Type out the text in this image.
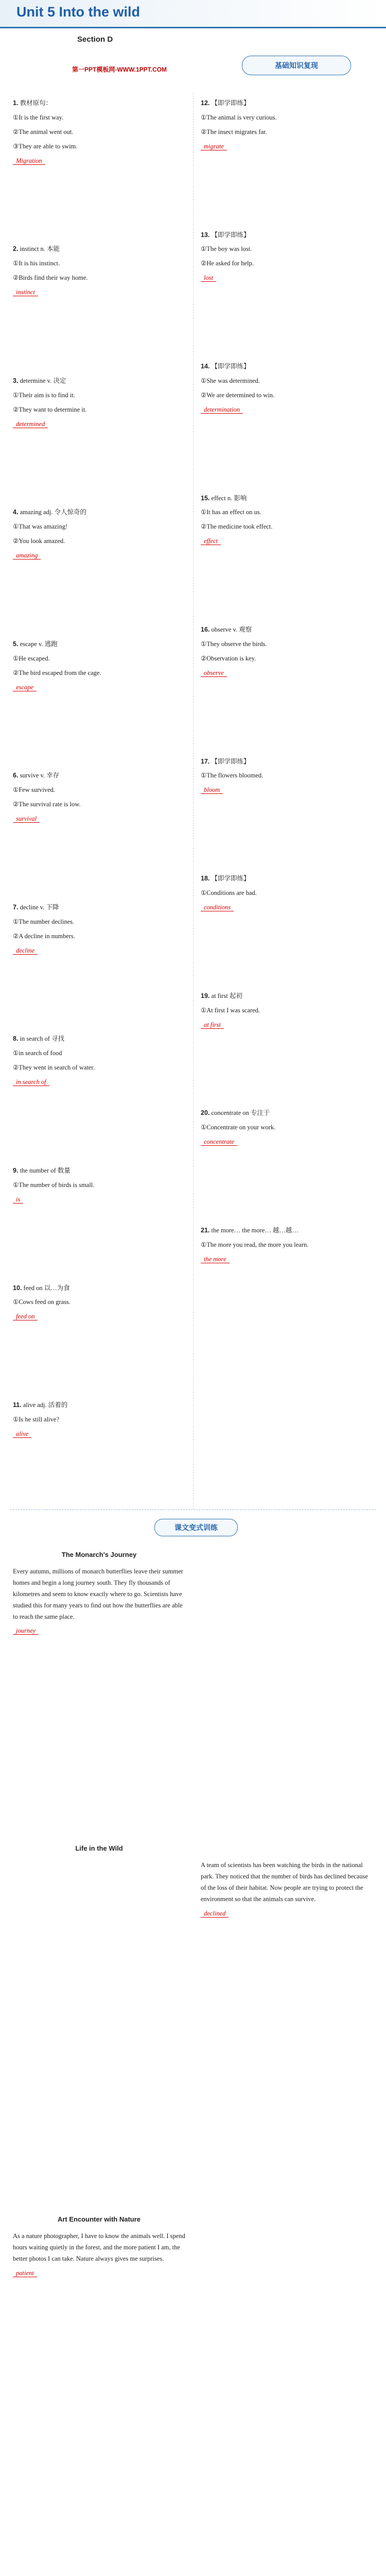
Unit 5 Into the wild
Section D
第一PPT模板网-WWW.1PPT.COM	基础知识复现

1. 教材原句：

①It is the first way.

②The animal went out.

③They are able to swim.

Migration

2. instinct n. 本能

①It is his instinct.

②Birds find their way home.

instinct

3. determine v. 决定

①Their aim is to find it.

②They want to determine it.

determined

4. amazing adj. 令人惊奇的

①That was amazing!

②You look amazed.

amazing

5. escape v. 逃跑

①He escaped.

②The bird escaped from the cage.

escape

6. survive v. 幸存

①Few survived.

②The survival rate is low.

survival

7. decline v. 下降

①The number declines.

②A decline in numbers.

decline

8. in search of 寻找

①in search of food

②They went in search of water.

in search of

9. the number of 数量

①The number of birds is small.

is

10. feed on 以…为食

①Cows feed on grass.

feed on

11. alive adj. 活着的

①Is he still alive?

alive

12. 【即学即练】

①The animal is very curious.

②The insect migrates far.

migrate

13. 【即学即练】

①The boy was lost.

②He asked for help.

lost

14. 【即学即练】

①She was determined.

②We are determined to win.

determination

15. effect n. 影响

①It has an effect on us.

②The medicine took effect.

effect

16. observe v. 观察

①They observe the birds.

②Observation is key.

observe

17. 【即学即练】

①The flowers bloomed.

bloom

18. 【即学即练】

①Conditions are bad.

conditions

19. at first 起初

①At first I was scared.

at first

20. concentrate on 专注于

①Concentrate on your work.

concentrate

21. the more… the more… 越…越…

①The more you read, the more you learn.

the more

课文变式训练
The Monarch's Journey

Every autumn, millions of monarch butterflies leave their summer homes and begin a long journey south. They fly thousands of kilometres and seem to know exactly where to go. Scientists have studied this for many years to find out how the butterflies are able to reach the same place.

journey
Life in the Wild

A team of scientists has been watching the birds in the national park. They noticed that the number of birds has declined because of the loss of their habitat. Now people are trying to protect the environment so that the animals can survive.

declined
Art Encounter with Nature

As a nature photographer, I have to know the animals well. I spend hours waiting quietly in the forest, and the more patient I am, the better photos I can take. Nature always gives me surprises.

patient
